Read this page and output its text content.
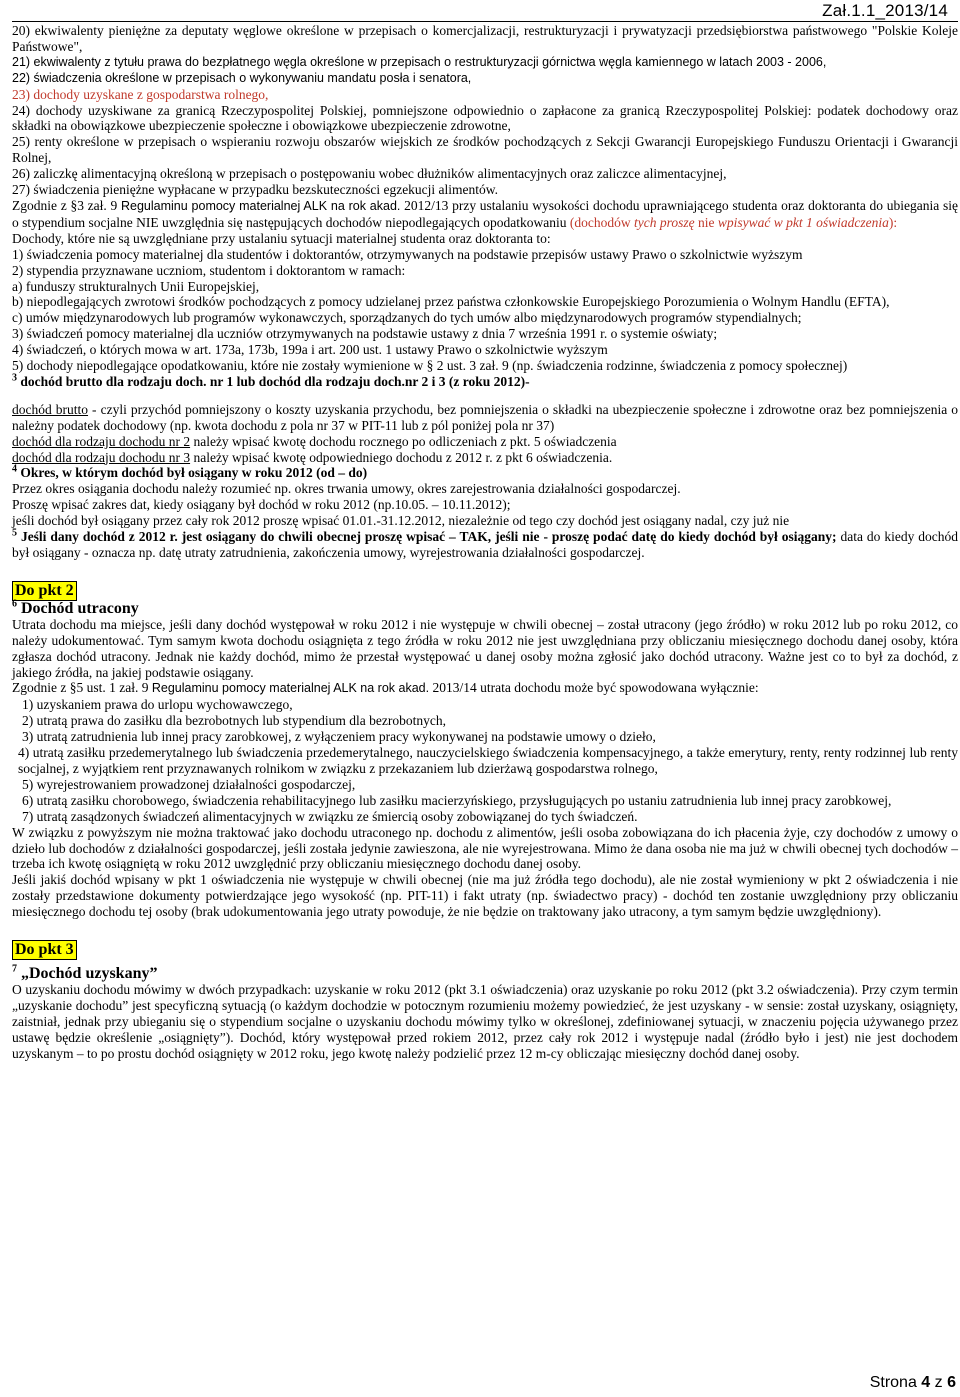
Zał.1.1_2013/14

20) ekwiwalenty pieniężne za deputaty węglowe określone w przepisach o komercjalizacji, restrukturyzacji i prywatyzacji przedsiębiorstwa państwowego "Polskie Koleje Państwowe",

21) ekwiwalenty z tytułu prawa do bezpłatnego węgla określone w przepisach o restrukturyzacji górnictwa węgla kamiennego w latach 2003 - 2006,

22) świadczenia określone w przepisach o wykonywaniu mandatu posła i senatora,

23) dochody uzyskane z gospodarstwa rolnego,

24) dochody uzyskiwane za granicą Rzeczypospolitej Polskiej, pomniejszone odpowiednio o zapłacone za granicą Rzeczypospolitej Polskiej: podatek dochodowy oraz składki na obowiązkowe ubezpieczenie społeczne i obowiązkowe ubezpieczenie zdrowotne,

25) renty określone w przepisach o wspieraniu rozwoju obszarów wiejskich ze środków pochodzących z Sekcji Gwarancji Europejskiego Funduszu Orientacji i Gwarancji Rolnej,

26) zaliczkę alimentacyjną określoną w przepisach o postępowaniu wobec dłużników alimentacyjnych oraz zaliczce alimentacyjnej,

27) świadczenia pieniężne wypłacane w przypadku bezskuteczności egzekucji alimentów.

Zgodnie z §3 zał. 9 Regulaminu pomocy materialnej ALK na rok akad. 2012/13 przy ustalaniu wysokości dochodu uprawniającego studenta oraz doktoranta do ubiegania się o stypendium socjalne NIE uwzględnia się następujących dochodów niepodlegających opodatkowaniu (dochodów tych proszę nie wpisywać w pkt 1 oświadczenia):

Dochody, które nie są uwzględniane przy ustalaniu sytuacji materialnej studenta oraz doktoranta to:

1) świadczenia pomocy materialnej dla studentów i doktorantów, otrzymywanych na podstawie przepisów ustawy Prawo o szkolnictwie wyższym

2) stypendia przyznawane uczniom, studentom i doktorantom w ramach:

a) funduszy strukturalnych Unii Europejskiej,

b) niepodlegających zwrotowi środków pochodzących z pomocy udzielanej przez państwa członkowskie Europejskiego Porozumienia o Wolnym Handlu (EFTA),

c) umów międzynarodowych lub programów wykonawczych, sporządzanych do tych umów albo międzynarodowych programów stypendialnych;

3) świadczeń pomocy materialnej dla uczniów otrzymywanych na podstawie ustawy z dnia 7 września 1991 r. o systemie oświaty;

4) świadczeń, o których mowa w art. 173a, 173b, 199a i art. 200 ust. 1 ustawy Prawo o szkolnictwie wyższym

5) dochody niepodlegające opodatkowaniu, które nie zostały wymienione w § 2 ust. 3 zał. 9 (np. świadczenia rodzinne, świadczenia z pomocy społecznej)

$^3$ dochód brutto dla rodzaju doch. nr 1 lub dochód dla rodzaju doch.nr 2 i 3 (z roku 2012)-

dochód brutto - czyli przychód pomniejszony o koszty uzyskania przychodu, bez pomniejszenia o składki na ubezpieczenie społeczne i zdrowotne oraz bez pomniejszenia o należny podatek dochodowy (np. kwota dochodu z pola nr 37 w PIT-11 lub z pól poniżej pola nr 37)

dochód dla rodzaju dochodu nr 2 należy wpisać kwotę dochodu rocznego po odliczeniach z pkt. 5 oświadczenia

dochód dla rodzaju dochodu nr 3 należy wpisać kwotę odpowiedniego dochodu z 2012 r. z pkt 6 oświadczenia.

$^4$ Okres, w którym dochód był osiągany w roku 2012 (od – do)

Przez okres osiągania dochodu należy rozumieć np. okres trwania umowy, okres zarejestrowania działalności gospodarczej.

Proszę wpisać zakres dat, kiedy osiągany był dochód w roku 2012 (np.10.05. – 10.11.2012);

jeśli dochód był osiągany przez cały rok 2012 proszę wpisać 01.01.-31.12.2012, niezależnie od tego czy dochód jest osiągany nadal, czy już nie

$^5$ Jeśli dany dochód z 2012 r. jest osiągany do chwili obecnej proszę wpisać – TAK, jeśli nie - proszę podać datę do kiedy dochód był osiągany; data do kiedy dochód był osiągany - oznacza np. datę utraty zatrudnienia, zakończenia umowy, wyrejestrowania działalności gospodarczej.

Do pkt 2

$^6$ Dochód utracony

Utrata dochodu ma miejsce, jeśli dany dochód występował w roku 2012 i nie występuje w chwili obecnej – został utracony (jego źródło) w roku 2012 lub po roku 2012, co należy udokumentować. Tym samym kwota dochodu osiągnięta z tego źródła w roku 2012 nie jest uwzględniana przy obliczaniu miesięcznego dochodu danej osoby, która zgłasza dochód utracony. Jednak nie każdy dochód, mimo że przestał występować u danej osoby można zgłosić jako dochód utracony. Ważne jest co to był za dochód, z jakiego źródła, na jakiej podstawie osiągany.

Zgodnie z §5 ust. 1 zał. 9 Regulaminu pomocy materialnej ALK na rok akad. 2013/14 utrata dochodu może być spowodowana wyłącznie:

1) uzyskaniem prawa do urlopu wychowawczego,

2) utratą prawa do zasiłku dla bezrobotnych lub stypendium dla bezrobotnych,

3) utratą zatrudnienia lub innej pracy zarobkowej, z wyłączeniem pracy wykonywanej na podstawie umowy o dzieło,

4) utratą zasiłku przedemerytalnego lub świadczenia przedemerytalnego, nauczycielskiego świadczenia kompensacyjnego, a także emerytury, renty, renty rodzinnej lub renty socjalnej, z wyjątkiem rent przyznawanych rolnikom w związku z przekazaniem lub dzierżawą gospodarstwa rolnego,

5) wyrejestrowaniem prowadzonej działalności gospodarczej,

6) utratą zasiłku chorobowego, świadczenia rehabilitacyjnego lub zasiłku macierzyńskiego, przysługujących po ustaniu zatrudnienia lub innej pracy zarobkowej,

7) utratą zasądzonych świadczeń alimentacyjnych w związku ze śmiercią osoby zobowiązanej do tych świadczeń.

W związku z powyższym nie można traktować jako dochodu utraconego np. dochodu z alimentów, jeśli osoba zobowiązana do ich płacenia żyje, czy dochodów z umowy o dzieło lub dochodów z działalności gospodarczej, jeśli została jedynie zawieszona, ale nie wyrejestrowana. Mimo że dana osoba nie ma już w chwili obecnej tych dochodów – trzeba ich kwotę osiągniętą w roku 2012 uwzględnić przy obliczaniu miesięcznego dochodu danej osoby.

Jeśli jakiś dochód wpisany w pkt 1 oświadczenia nie występuje w chwili obecnej (nie ma już źródła tego dochodu), ale nie został wymieniony w pkt 2 oświadczenia i nie zostały przedstawione dokumenty potwierdzające jego wysokość (np. PIT-11) i fakt utraty (np. świadectwo pracy) - dochód ten zostanie uwzględniony przy obliczaniu miesięcznego dochodu tej osoby (brak udokumentowania jego utraty powoduje, że nie będzie on traktowany jako utracony, a tym samym będzie uwzględniony).

Do pkt 3

$^7$ „Dochód uzyskany”

O uzyskaniu dochodu mówimy w dwóch przypadkach: uzyskanie w roku 2012 (pkt 3.1 oświadczenia) oraz uzyskanie po roku 2012 (pkt 3.2 oświadczenia). Przy czym termin „uzyskanie dochodu” jest specyficzną sytuacją (o każdym dochodzie w potocznym rozumieniu możemy powiedzieć, że jest uzyskany - w sensie: został uzyskany, osiągnięty, zaistniał, jednak przy ubieganiu się o stypendium socjalne o uzyskaniu dochodu mówimy tylko w określonej, zdefiniowanej sytuacji, w znaczeniu pojęcia używanego przez ustawę będzie określenie „osiągnięty”). Dochód, który występował przed rokiem 2012, przez cały rok 2012 i występuje nadal (źródło było i jest) nie jest dochodem uzyskanym – to po prostu dochód osiągnięty w 2012 roku, jego kwotę należy podzielić przez 12 m-cy obliczając miesięczny dochód danej osoby.

Strona 4 z 6
